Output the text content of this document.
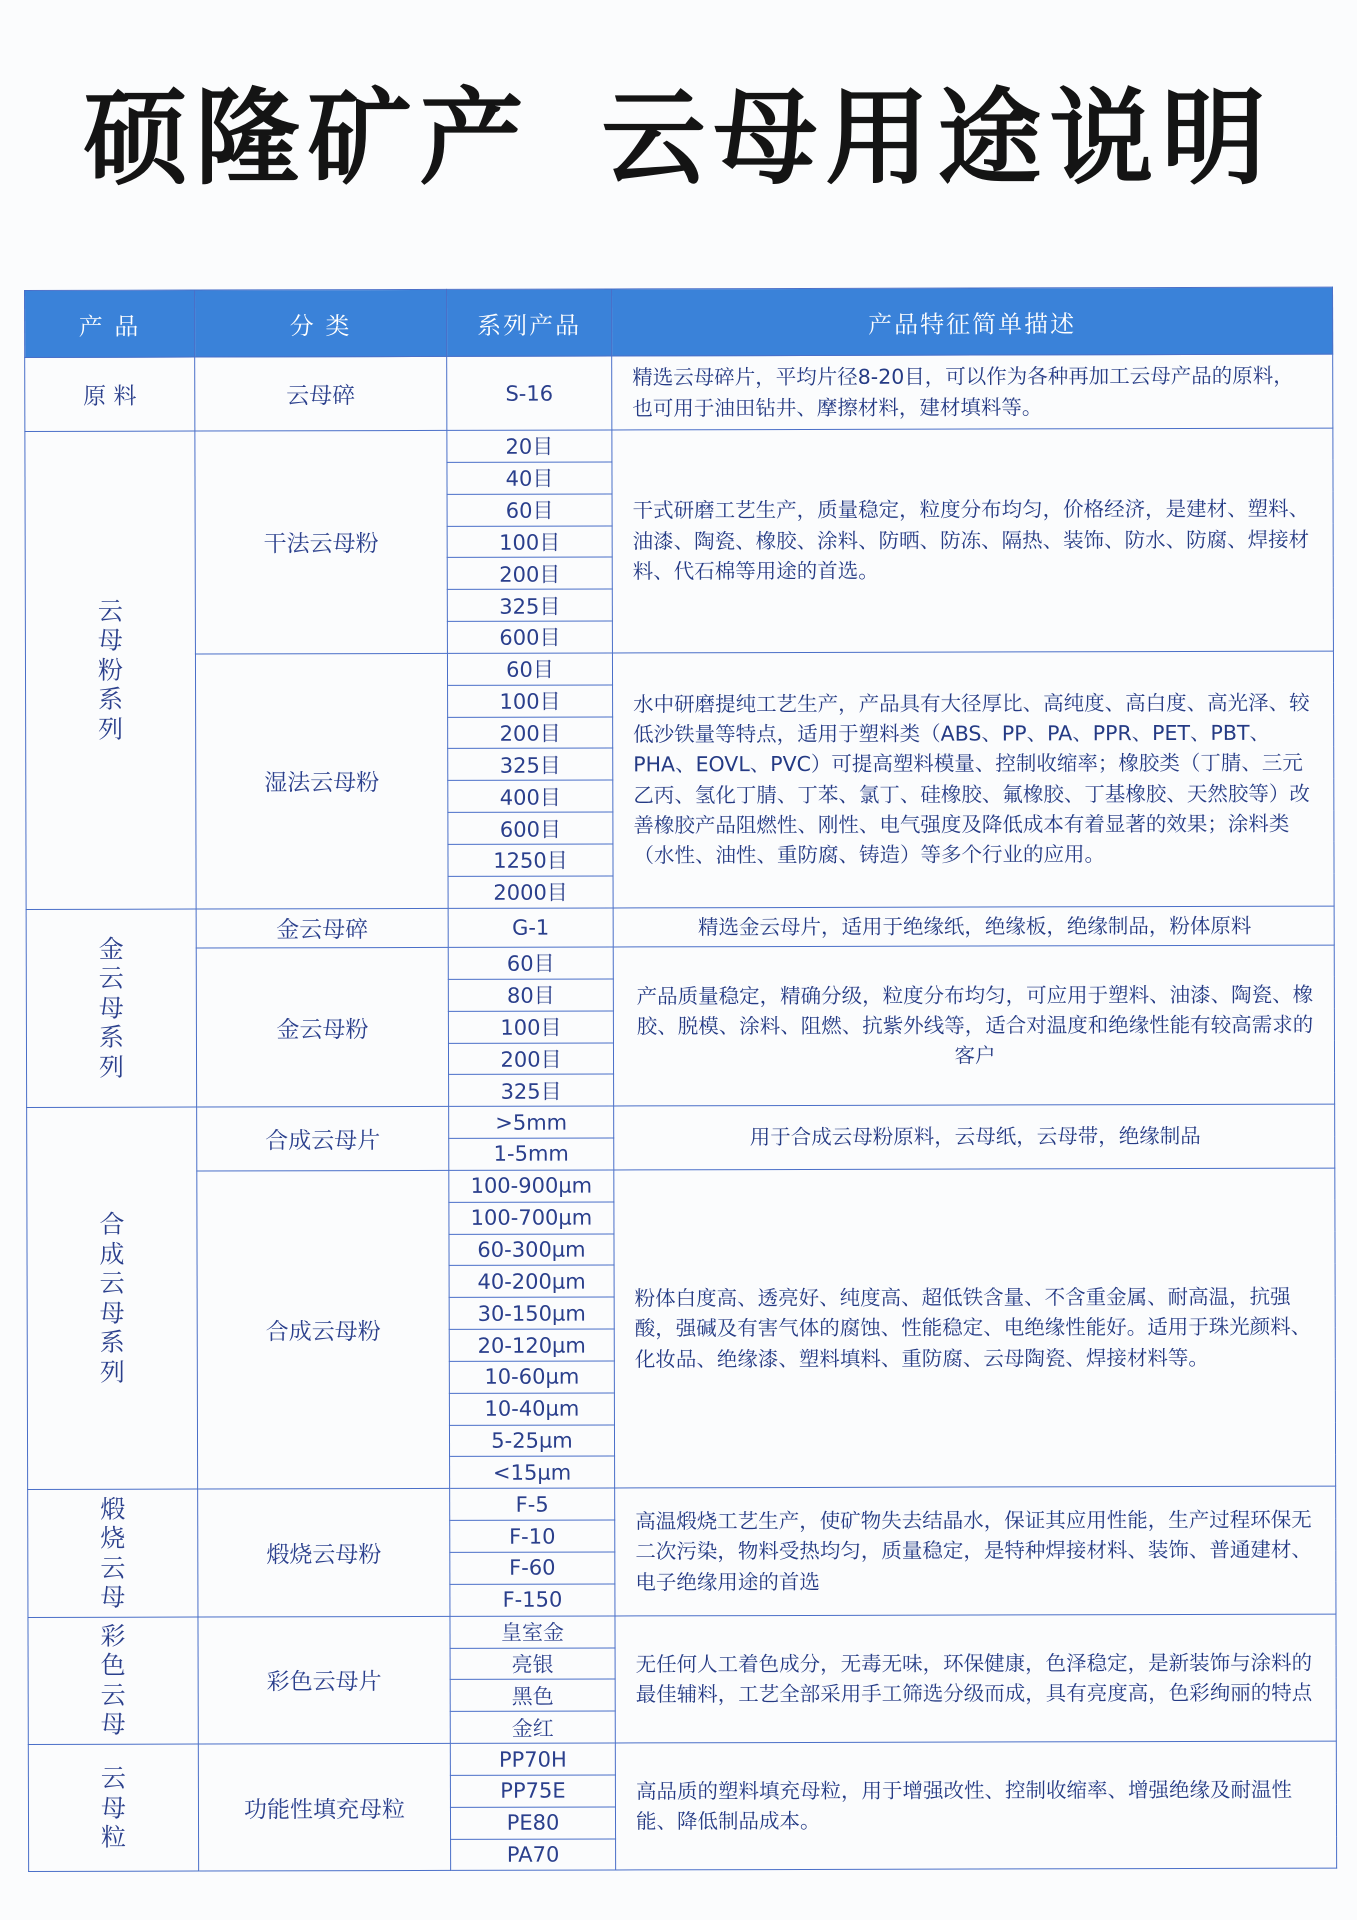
硕隆矿产 云母用途说明
产 品	分 类	系列产品	产品特征简单描述
原 料	云母碎	S-16	精选云母碎片，平均片径8-20目，可以作为各种再加工云母产品的原料，也可用于油田钻井、摩擦材料，建材填料等。
云母粉系列	干法云母粉	20目	干式研磨工艺生产，质量稳定，粒度分布均匀，价格经济，是建材、塑料、油漆、陶瓷、橡胶、涂料、防晒、防冻、隔热、装饰、防水、防腐、焊接材料、代石棉等用途的首选。
		40目	
		60目	
		100目	
		200目	
		325目	
		600目	
	湿法云母粉	60目	水中研磨提纯工艺生产，产品具有大径厚比、高纯度、高白度、高光泽、较低沙铁量等特点，适用于塑料类（ABS、PP、PA、PPR、PET、PBT、PHA、EOVL、PVC）可提高塑料模量、控制收缩率；橡胶类（丁腈、三元乙丙、氢化丁腈、丁苯、氯丁、硅橡胶、氟橡胶、丁基橡胶、天然胶等）改善橡胶产品阻燃性、刚性、电气强度及降低成本有着显著的效果；涂料类（水性、油性、重防腐、铸造）等多个行业的应用。
		100目	
		200目	
		325目	
		400目	
		600目	
		1250目	
		2000目	
金云母系列	金云母碎	G-1	精选金云母片，适用于绝缘纸，绝缘板，绝缘制品，粉体原料
	金云母粉	60目	产品质量稳定，精确分级，粒度分布均匀，可应用于塑料、油漆、陶瓷、橡胶、脱模、涂料、阻燃、抗紫外线等，适合对温度和绝缘性能有较高需求的客户
		80目	
		100目	
		200目	
		325目	
合成云母系列	合成云母片	>5mm	用于合成云母粉原料，云母纸，云母带，绝缘制品
		1-5mm	
	合成云母粉	100-900μm	粉体白度高、透亮好、纯度高、超低铁含量、不含重金属、耐高温，抗强酸，强碱及有害气体的腐蚀、性能稳定、电绝缘性能好。适用于珠光颜料、化妆品、绝缘漆、塑料填料、重防腐、云母陶瓷、焊接材料等。
		100-700μm	
		60-300μm	
		40-200μm	
		30-150μm	
		20-120μm	
		10-60μm	
		10-40μm	
		5-25μm	
		<15μm	
煅烧云母	煅烧云母粉	F-5	高温煅烧工艺生产，使矿物失去结晶水，保证其应用性能，生产过程环保无二次污染，物料受热均匀，质量稳定，是特种焊接材料、装饰、普通建材、电子绝缘用途的首选
		F-10	
		F-60	
		F-150	
彩色云母	彩色云母片	皇室金	无任何人工着色成分，无毒无味，环保健康，色泽稳定，是新装饰与涂料的最佳辅料，工艺全部采用手工筛选分级而成，具有亮度高，色彩绚丽的特点
		亮银	
		黑色	
		金红	
云母粒	功能性填充母粒	PP70H	高品质的塑料填充母粒，用于增强改性、控制收缩率、增强绝缘及耐温性能、降低制品成本。
		PP75E	
		PE80	
		PA70	
